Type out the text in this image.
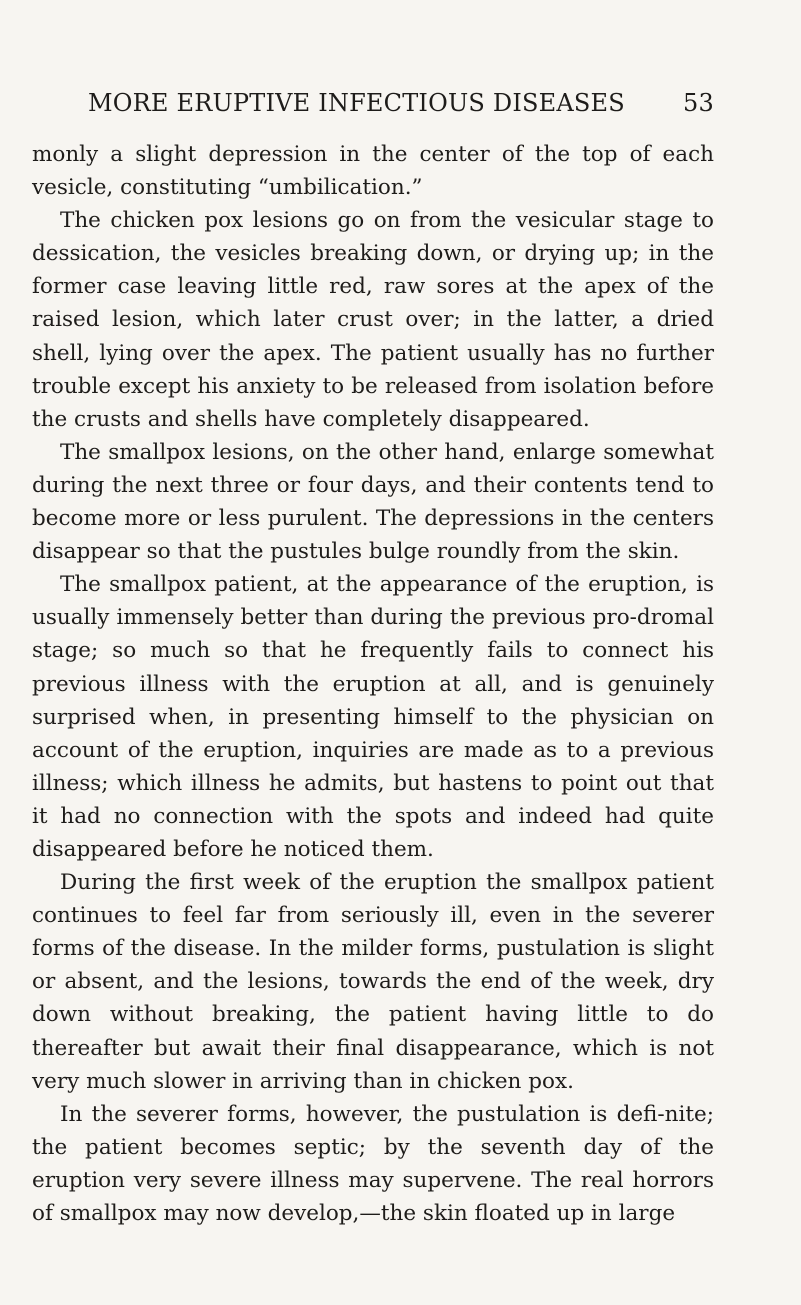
MORE ERUPTIVE INFECTIOUS DISEASES 53

monly a slight depression in the center of the top of each vesicle, constituting “umbilication.”

The chicken pox lesions go on from the vesicular stage to dessication, the vesicles breaking down, or drying up; in the former case leaving little red, raw sores at the apex of the raised lesion, which later crust over; in the latter, a dried shell, lying over the apex. The patient usually has no further trouble except his anxiety to be released from isolation before the crusts and shells have completely disappeared.

The smallpox lesions, on the other hand, enlarge somewhat during the next three or four days, and their contents tend to become more or less purulent. The depressions in the centers disappear so that the pustules bulge roundly from the skin.

The smallpox patient, at the appearance of the eruption, is usually immensely better than during the previous pro-dromal stage; so much so that he frequently fails to connect his previous illness with the eruption at all, and is genuinely surprised when, in presenting himself to the physician on account of the eruption, inquiries are made as to a previous illness; which illness he admits, but hastens to point out that it had no connection with the spots and indeed had quite disappeared before he noticed them.

During the first week of the eruption the smallpox patient continues to feel far from seriously ill, even in the severer forms of the disease. In the milder forms, pustulation is slight or absent, and the lesions, towards the end of the week, dry down without breaking, the patient having little to do thereafter but await their final disappearance, which is not very much slower in arriving than in chicken pox.

In the severer forms, however, the pustulation is defi-nite; the patient becomes septic; by the seventh day of the eruption very severe illness may supervene. The real horrors of smallpox may now develop,—the skin floated up in large
